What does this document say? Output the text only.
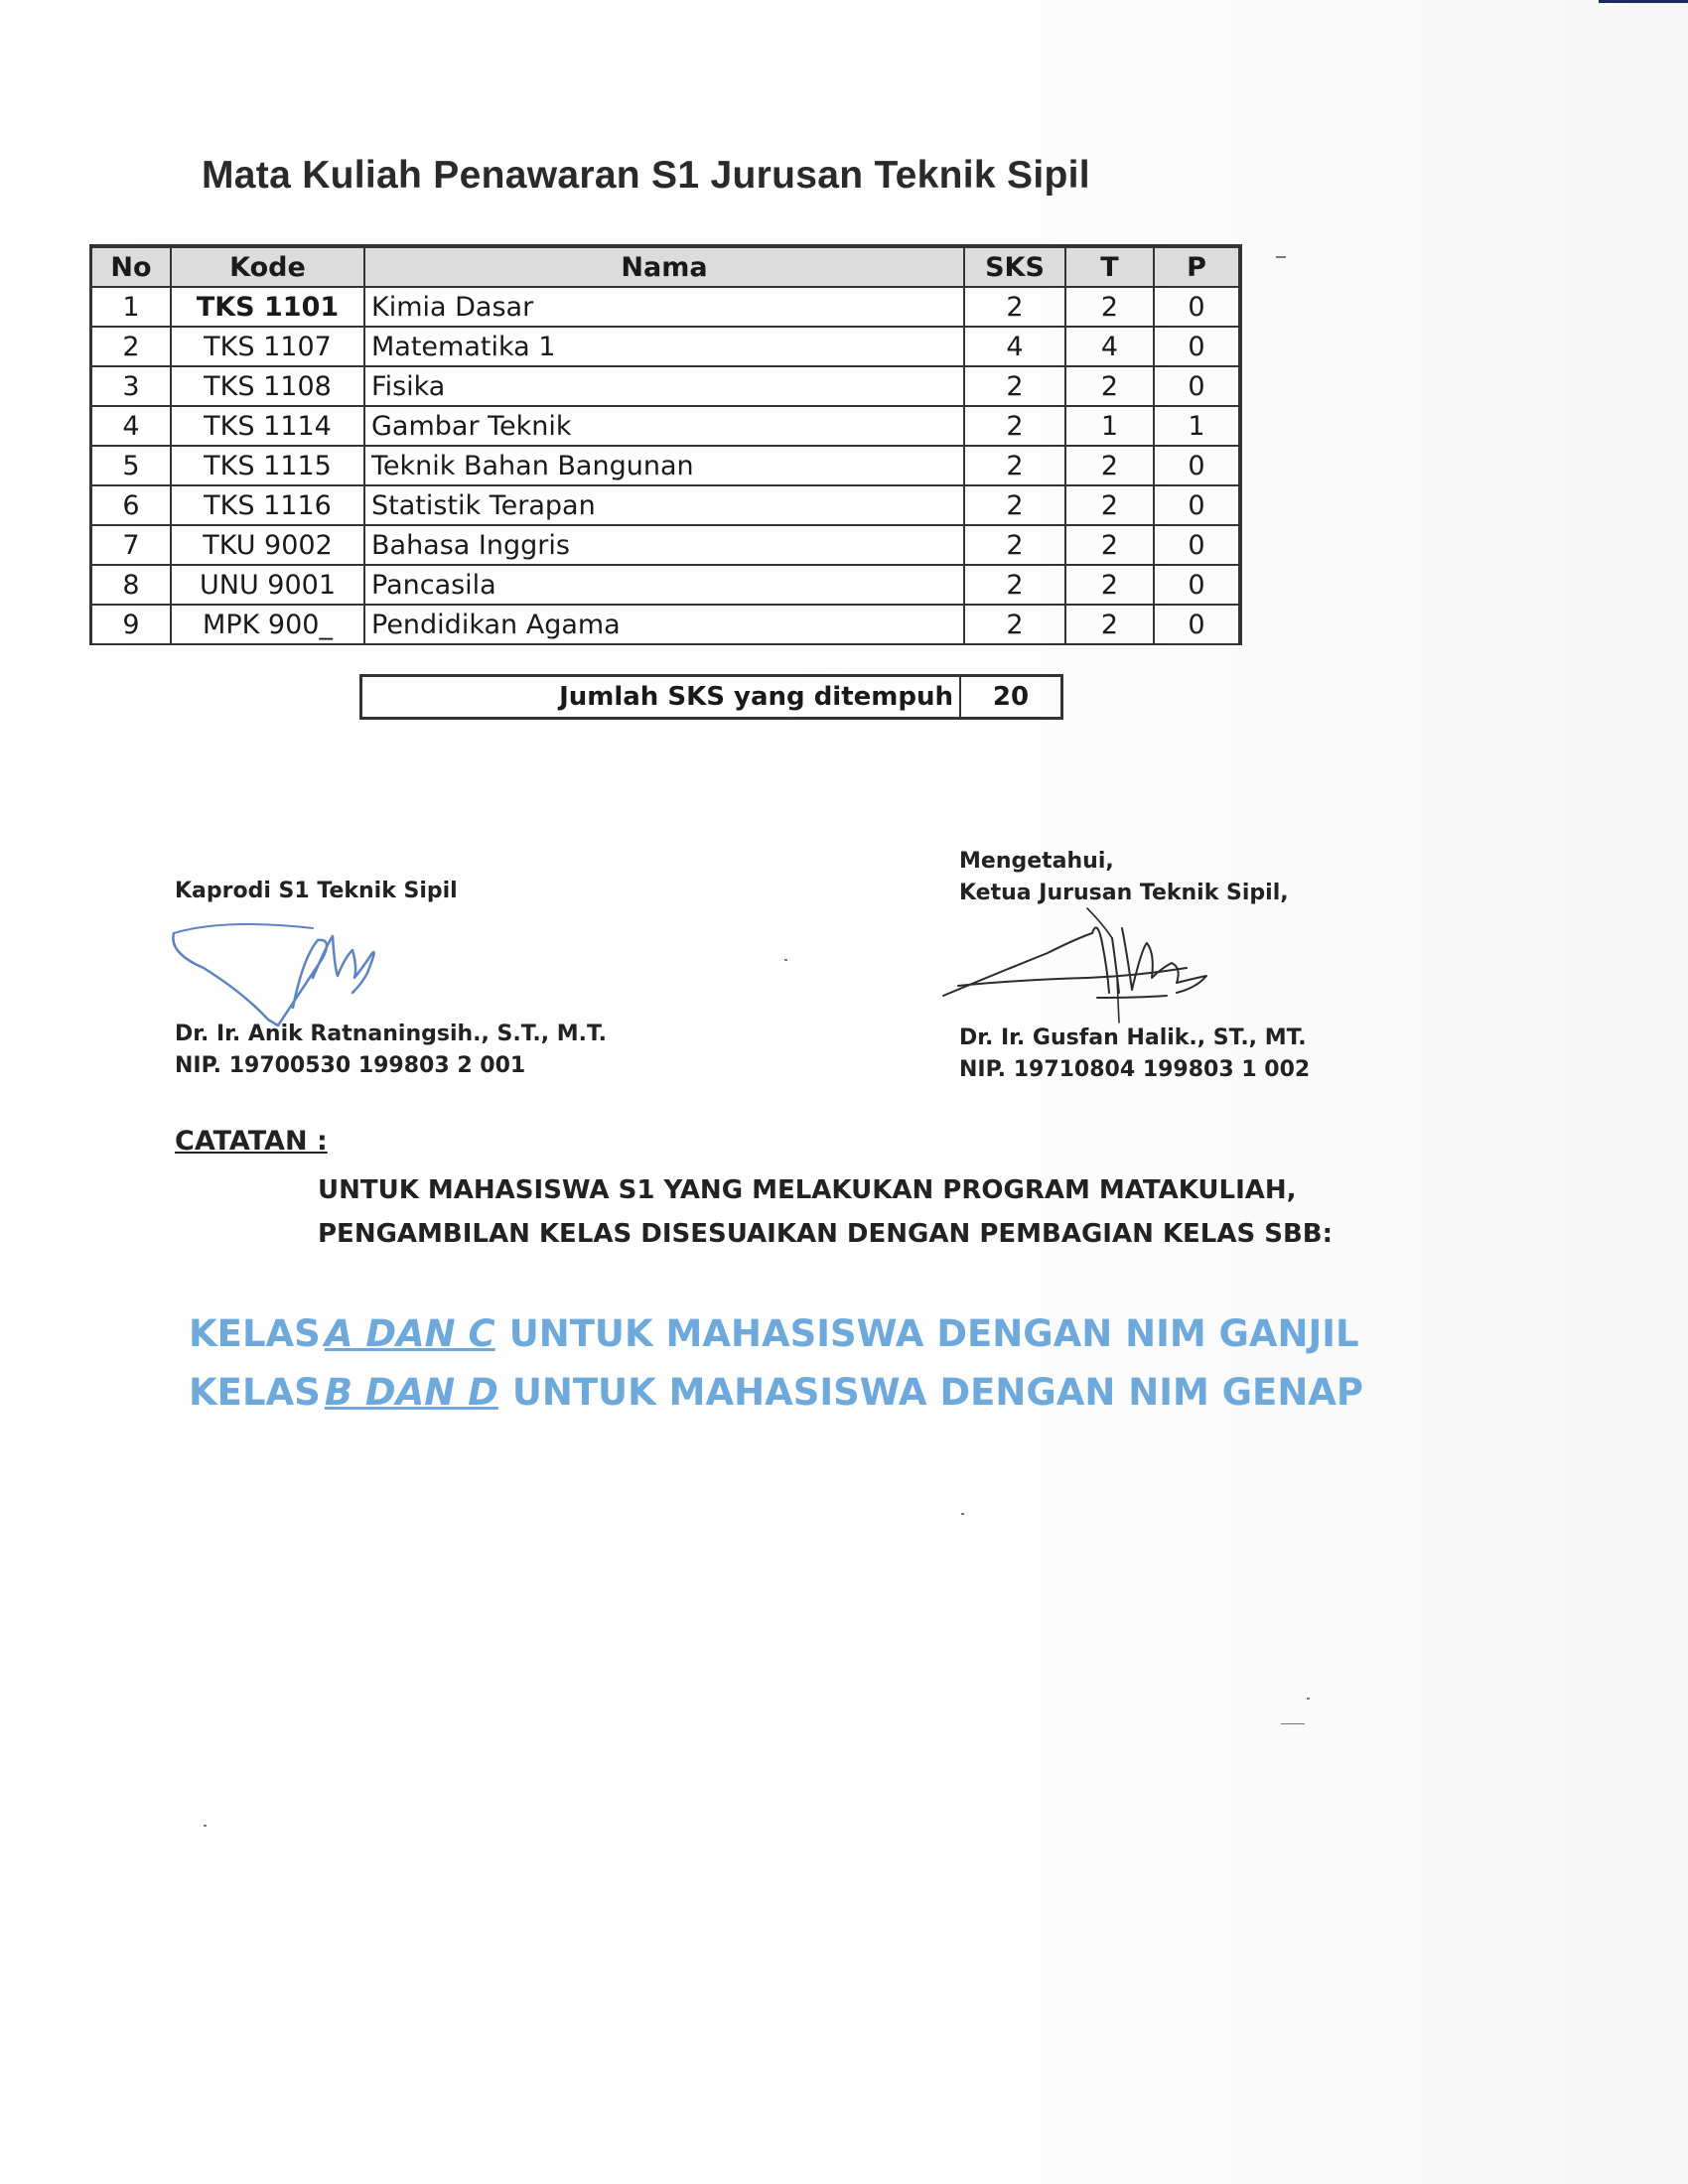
Mata Kuliah Penawaran S1 Jurusan Teknik Sipil
No	Kode	Nama	SKS	T	P
1	TKS 1101	Kimia Dasar	2	2	0
2	TKS 1107	Matematika 1	4	4	0
3	TKS 1108	Fisika	2	2	0
4	TKS 1114	Gambar Teknik	2	1	1
5	TKS 1115	Teknik Bahan Bangunan	2	2	0
6	TKS 1116	Statistik Terapan	2	2	0
7	TKU 9002	Bahasa Inggris	2	2	0
8	UNU 9001	Pancasila	2	2	0
9	MPK 900_	Pendidikan Agama	2	2	0
Jumlah SKS yang ditempuh	20
Kaprodi S1 Teknik Sipil
Dr. Ir. Anik Ratnaningsih., S.T., M.T.
NIP. 19700530 199803 2 001
Mengetahui,
Ketua Jurusan Teknik Sipil,
Dr. Ir. Gusfan Halik., ST., MT.
NIP. 19710804 199803 1 002
CATATAN :
UNTUK MAHASISWA S1 YANG MELAKUKAN PROGRAM MATAKULIAH,
PENGAMBILAN KELAS DISESUAIKAN DENGAN PEMBAGIAN KELAS SBB:
KELAS A DAN C UNTUK MAHASISWA DENGAN NIM GANJIL
KELAS B DAN D UNTUK MAHASISWA DENGAN NIM GENAP
